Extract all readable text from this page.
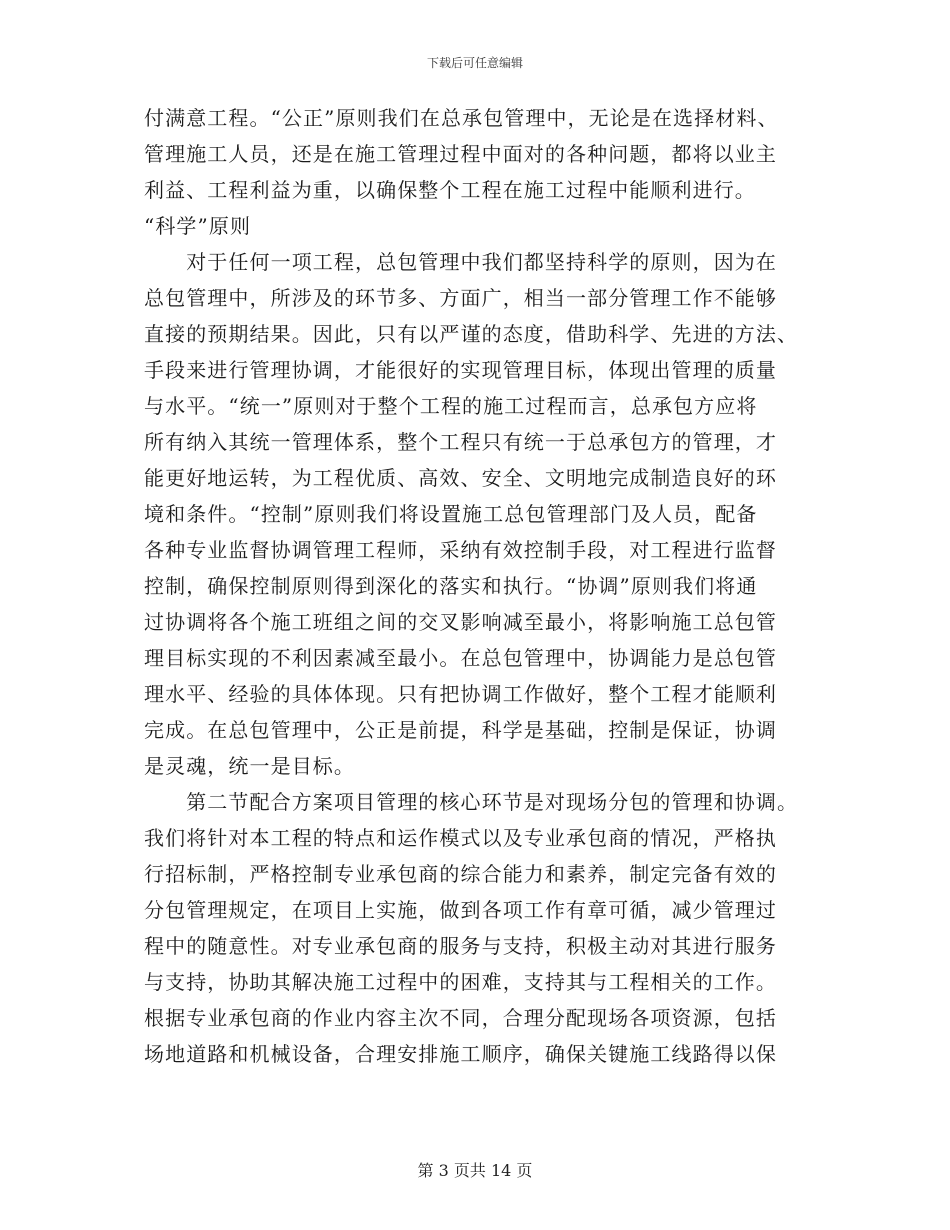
下载后可任意编辑
付满意工程。“公正”原则我们在总承包管理中，无论是在选择材料、
管理施工人员，还是在施工管理过程中面对的各种问题，都将以业主
利益、工程利益为重，以确保整个工程在施工过程中能顺利进行。
“科学”原则
　　对于任何一项工程，总包管理中我们都坚持科学的原则，因为在
总包管理中，所涉及的环节多、方面广，相当一部分管理工作不能够
直接的预期结果。因此，只有以严谨的态度，借助科学、先进的方法、
手段来进行管理协调，才能很好的实现管理目标，体现出管理的质量
与水平。“统一”原则对于整个工程的施工过程而言，总承包方应将
所有纳入其统一管理体系，整个工程只有统一于总承包方的管理，才
能更好地运转，为工程优质、高效、安全、文明地完成制造良好的环
境和条件。“控制”原则我们将设置施工总包管理部门及人员，配备
各种专业监督协调管理工程师，采纳有效控制手段，对工程进行监督
控制，确保控制原则得到深化的落实和执行。“协调”原则我们将通
过协调将各个施工班组之间的交叉影响减至最小，将影响施工总包管
理目标实现的不利因素减至最小。在总包管理中，协调能力是总包管
理水平、经验的具体体现。只有把协调工作做好，整个工程才能顺利
完成。在总包管理中，公正是前提，科学是基础，控制是保证，协调
是灵魂，统一是目标。
　　第二节配合方案项目管理的核心环节是对现场分包的管理和协调。
我们将针对本工程的特点和运作模式以及专业承包商的情况，严格执
行招标制，严格控制专业承包商的综合能力和素养，制定完备有效的
分包管理规定，在项目上实施，做到各项工作有章可循，减少管理过
程中的随意性。对专业承包商的服务与支持，积极主动对其进行服务
与支持，协助其解决施工过程中的困难，支持其与工程相关的工作。
根据专业承包商的作业内容主次不同，合理分配现场各项资源，包括
场地道路和机械设备，合理安排施工顺序，确保关键施工线路得以保
第 3 页共 14 页
